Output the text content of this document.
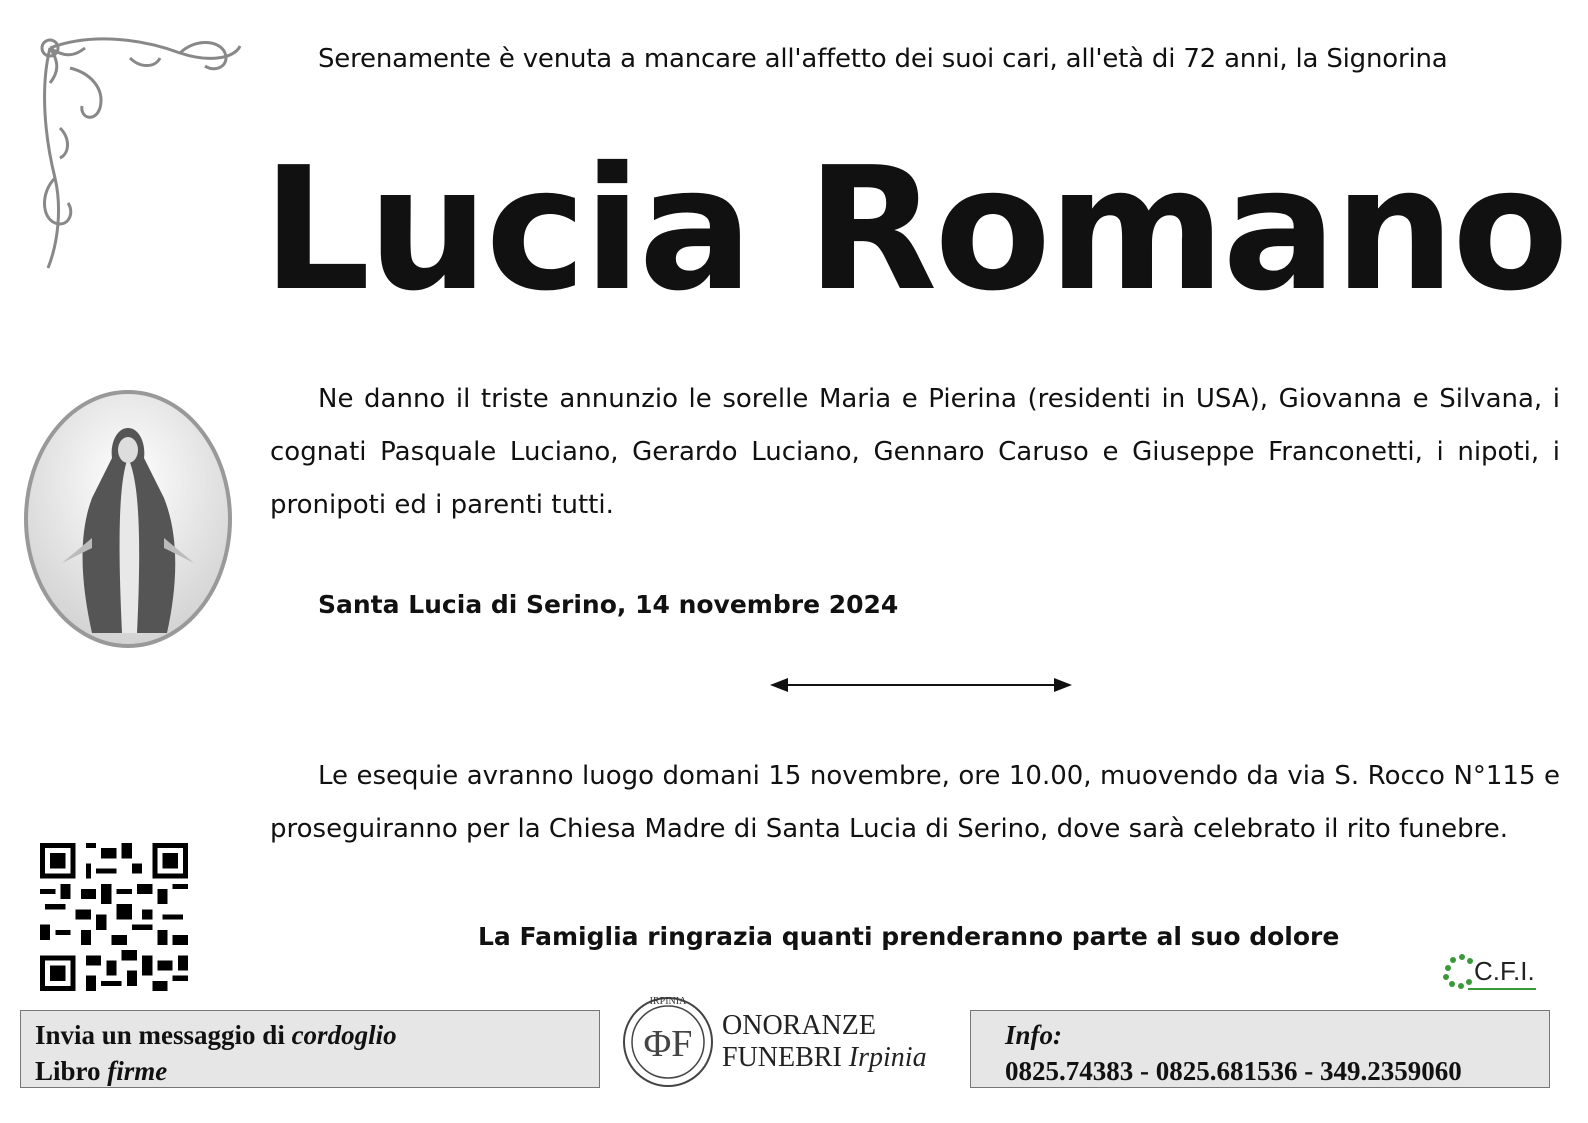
Serenamente è venuta a mancare all'affetto dei suoi cari, all'età di 72 anni, la Signorina
Lucia Romano
Ne danno il triste annunzio le sorelle Maria e Pierina (residenti in USA), Giovanna e Silvana, i cognati Pasquale Luciano, Gerardo Luciano, Gennaro Caruso e Giuseppe Franconetti, i nipoti, i pronipoti ed i parenti tutti.
Santa Lucia di Serino, 14 novembre 2024
Le esequie avranno luogo domani 15 novembre, ore 10.00, muovendo da via S. Rocco N°115 e proseguiranno per la Chiesa Madre di Santa Lucia di Serino, dove sarà celebrato il rito funebre.
La Famiglia ringrazia quanti prenderanno parte al suo dolore
C.F.I.
Invia un messaggio di cordoglio
Libro firme
IRPINIA
ΦF ONORANZE
FUNEBRI Irpinia
Info:
0825.74383 - 0825.681536 - 349.2359060
